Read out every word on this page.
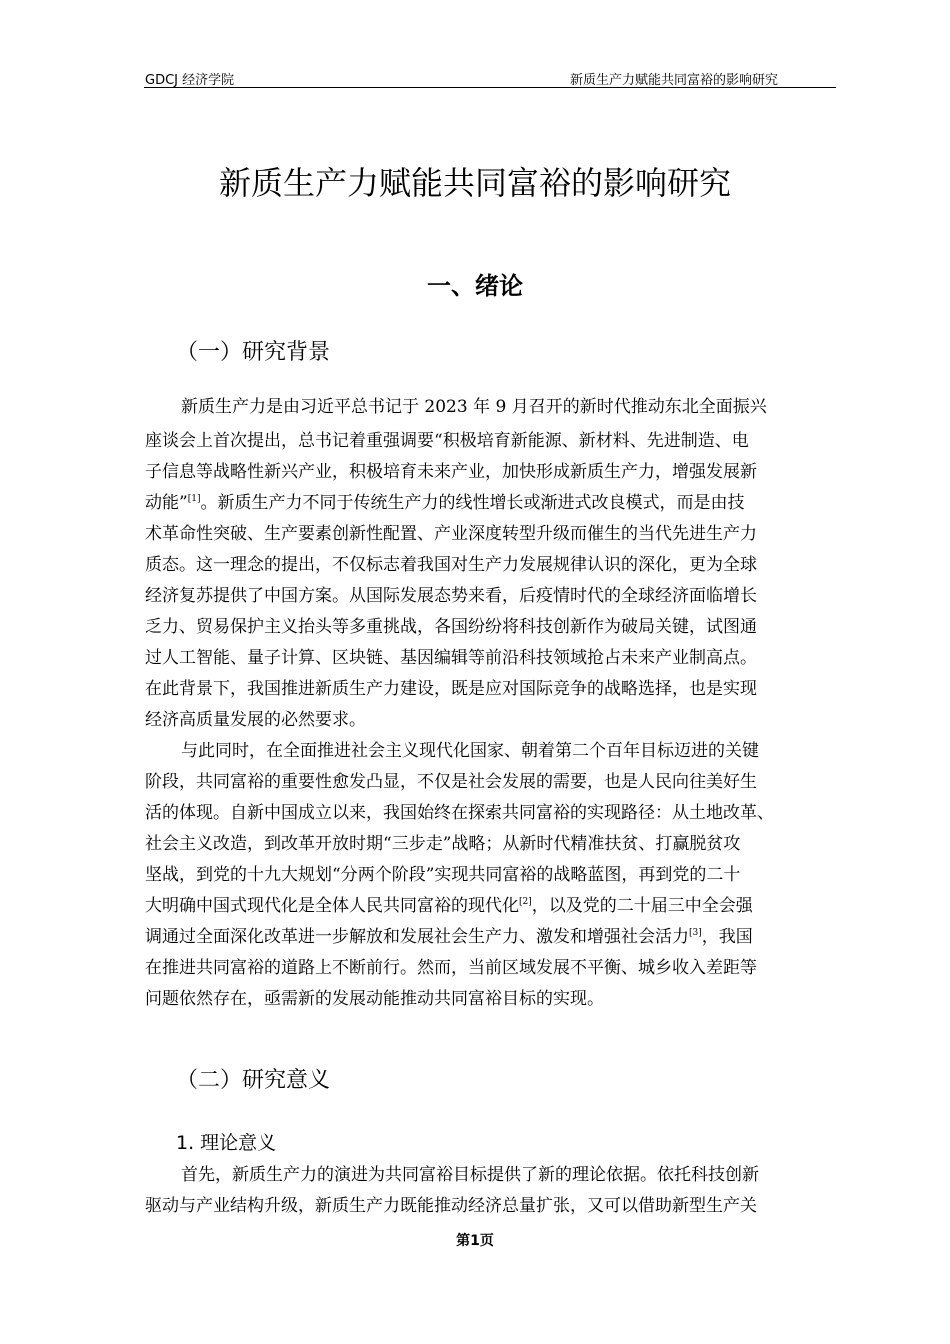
GDCJ 经济学院	新质生产力赋能共同富裕的影响研究
新质生产力赋能共同富裕的影响研究
一、绪论
（一）研究背景
新质生产力是由习近平总书记于 2023 年 9 月召开的新时代推动东北全面振兴
座谈会上首次提出，总书记着重强调要“积极培育新能源、新材料、先进制造、电
子信息等战略性新兴产业，积极培育未来产业，加快形成新质生产力，增强发展新
动能”[1]。新质生产力不同于传统生产力的线性增长或渐进式改良模式，而是由技
术革命性突破、生产要素创新性配置、产业深度转型升级而催生的当代先进生产力
质态。这一理念的提出，不仅标志着我国对生产力发展规律认识的深化，更为全球
经济复苏提供了中国方案。从国际发展态势来看，后疫情时代的全球经济面临增长
乏力、贸易保护主义抬头等多重挑战，各国纷纷将科技创新作为破局关键，试图通
过人工智能、量子计算、区块链、基因编辑等前沿科技领域抢占未来产业制高点。
在此背景下，我国推进新质生产力建设，既是应对国际竞争的战略选择，也是实现
经济高质量发展的必然要求。
与此同时，在全面推进社会主义现代化国家、朝着第二个百年目标迈进的关键
阶段，共同富裕的重要性愈发凸显，不仅是社会发展的需要，也是人民向往美好生
活的体现。自新中国成立以来，我国始终在探索共同富裕的实现路径：从土地改革、
社会主义改造，到改革开放时期“三步走”战略；从新时代精准扶贫、打赢脱贫攻
坚战，到党的十九大规划“分两个阶段”实现共同富裕的战略蓝图，再到党的二十
大明确中国式现代化是全体人民共同富裕的现代化[2]，以及党的二十届三中全会强
调通过全面深化改革进一步解放和发展社会生产力、激发和增强社会活力[3]，我国
在推进共同富裕的道路上不断前行。然而，当前区域发展不平衡、城乡收入差距等
问题依然存在，亟需新的发展动能推动共同富裕目标的实现。
（二）研究意义
1. 理论意义
首先，新质生产力的演进为共同富裕目标提供了新的理论依据。依托科技创新
驱动与产业结构升级，新质生产力既能推动经济总量扩张，又可以借助新型生产关
第1页
